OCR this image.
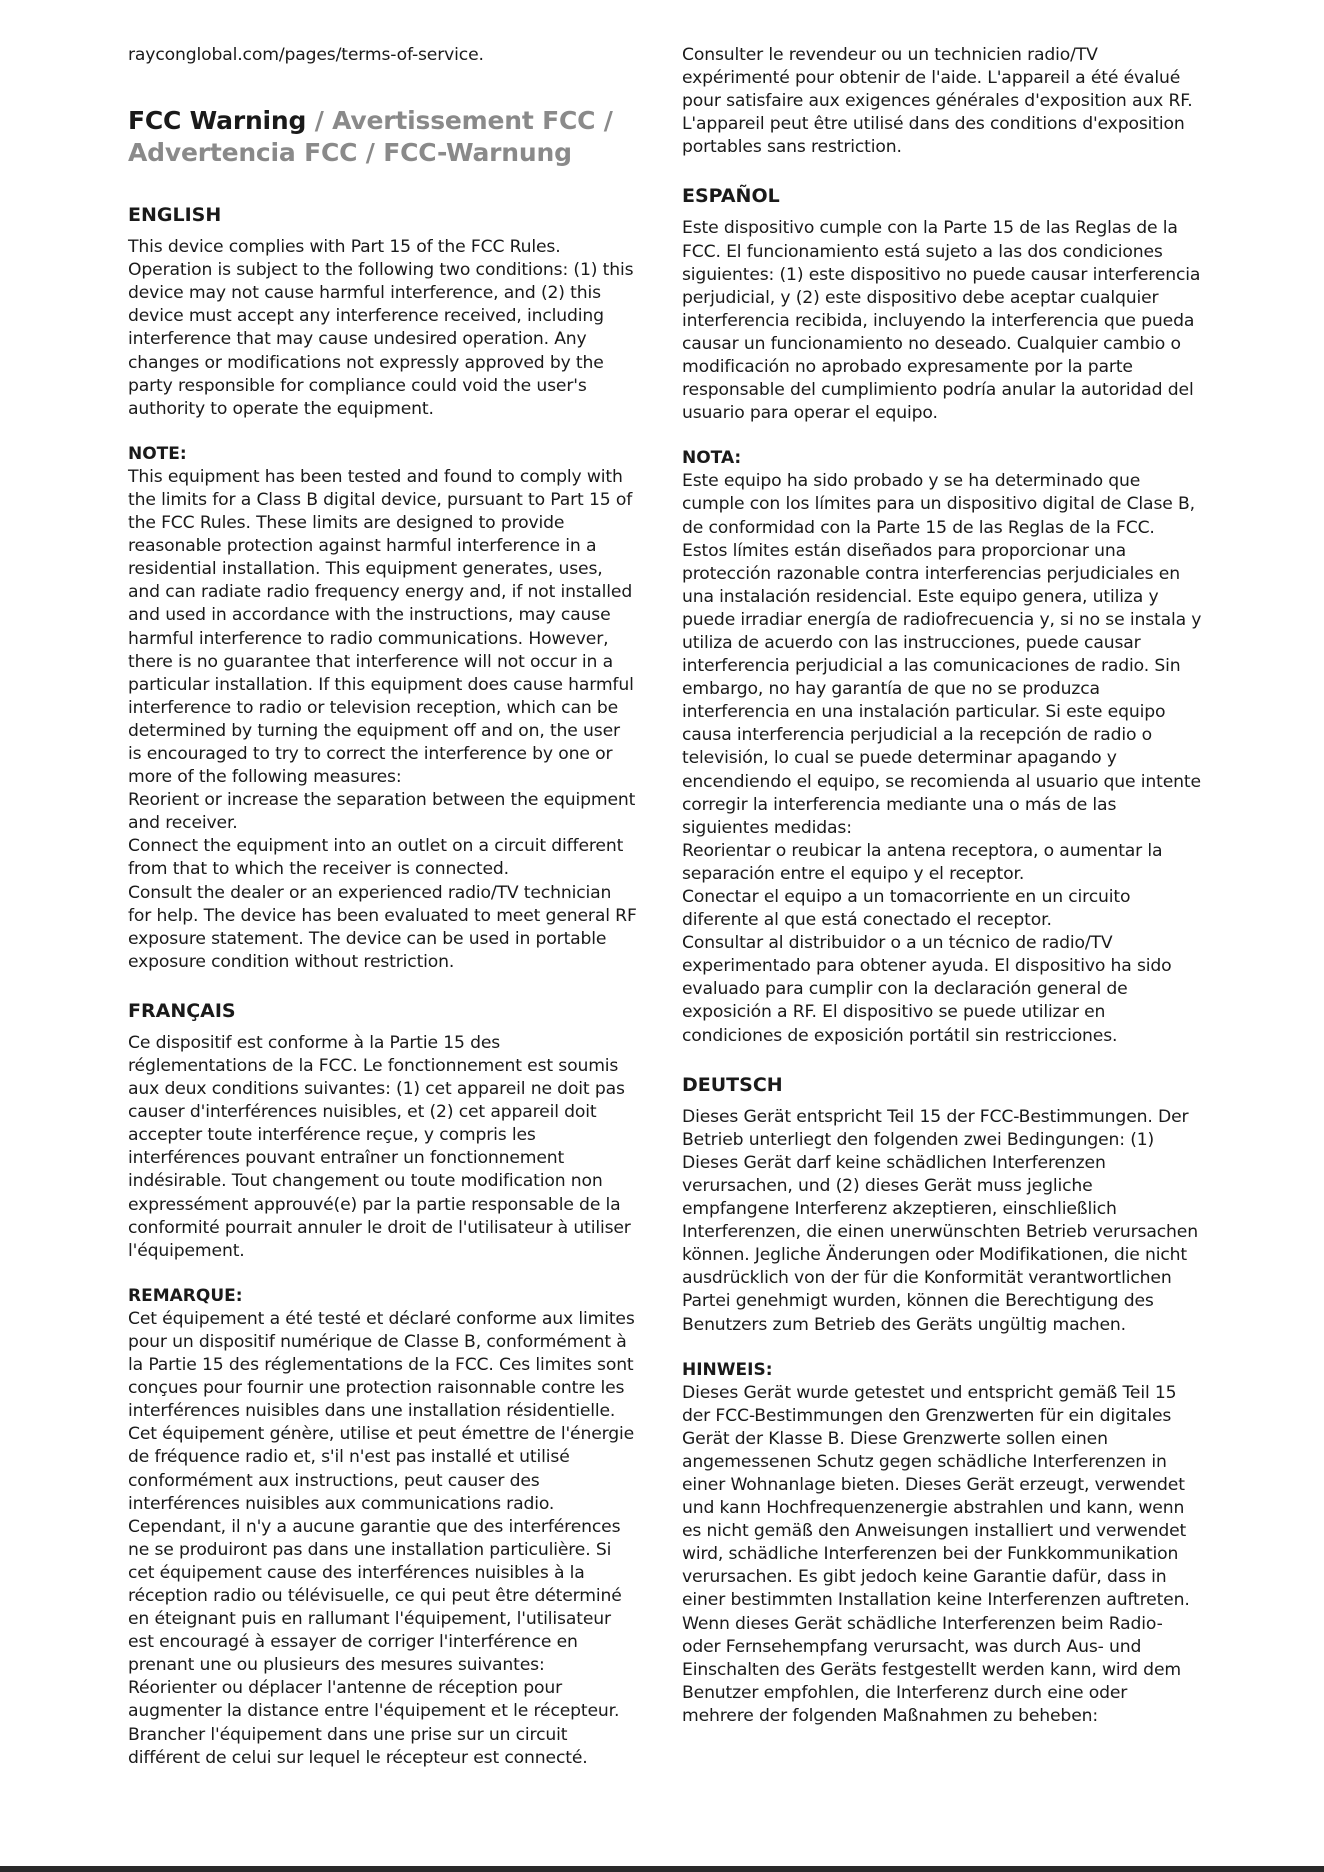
rayconglobal.com/pages/terms-of-service.

FCC Warning / Avertissement FCC / Advertencia FCC / FCC-Warnung
ENGLISH

This device complies with Part 15 of the FCC Rules. Operation is subject to the following two conditions: (1) this device may not cause harmful interference, and (2) this device must accept any interference received, including interference that may cause undesired operation. Any changes or modifications not expressly approved by the party responsible for compliance could void the user's authority to operate the equipment.

NOTE:

This equipment has been tested and found to comply with the limits for a Class B digital device, pursuant to Part 15 of the FCC Rules. These limits are designed to provide reasonable protection against harmful interference in a residential installation. This equipment generates, uses, and can radiate radio frequency energy and, if not installed and used in accordance with the instructions, may cause harmful interference to radio communications. However, there is no guarantee that interference will not occur in a particular installation. If this equipment does cause harmful interference to radio or television reception, which can be determined by turning the equipment off and on, the user is encouraged to try to correct the interference by one or more of the following measures:

Reorient or increase the separation between the equipment and receiver.

Connect the equipment into an outlet on a circuit different from that to which the receiver is connected.

Consult the dealer or an experienced radio/TV technician for help. The device has been evaluated to meet general RF exposure statement. The device can be used in portable exposure condition without restriction.

FRANÇAIS

Ce dispositif est conforme à la Partie 15 des réglementations de la FCC. Le fonctionnement est soumis aux deux conditions suivantes: (1) cet appareil ne doit pas causer d'interférences nuisibles, et (2) cet appareil doit accepter toute interférence reçue, y compris les interférences pouvant entraîner un fonctionnement indésirable. Tout changement ou toute modification non expressément approuvé(e) par la partie responsable de la conformité pourrait annuler le droit de l'utilisateur à utiliser l'équipement.

REMARQUE:

Cet équipement a été testé et déclaré conforme aux limites pour un dispositif numérique de Classe B, conformément à la Partie 15 des réglementations de la FCC. Ces limites sont conçues pour fournir une protection raisonnable contre les interférences nuisibles dans une installation résidentielle. Cet équipement génère, utilise et peut émettre de l'énergie de fréquence radio et, s'il n'est pas installé et utilisé conformément aux instructions, peut causer des interférences nuisibles aux communications radio. Cependant, il n'y a aucune garantie que des interférences ne se produiront pas dans une installation particulière. Si cet équipement cause des interférences nuisibles à la réception radio ou télévisuelle, ce qui peut être déterminé en éteignant puis en rallumant l'équipement, l'utilisateur est encouragé à essayer de corriger l'interférence en prenant une ou plusieurs des mesures suivantes:

Réorienter ou déplacer l'antenne de réception pour augmenter la distance entre l'équipement et le récepteur.

Brancher l'équipement dans une prise sur un circuit différent de celui sur lequel le récepteur est connecté.

Consulter le revendeur ou un technicien radio/TV expérimenté pour obtenir de l'aide. L'appareil a été évalué pour satisfaire aux exigences générales d'exposition aux RF. L'appareil peut être utilisé dans des conditions d'exposition portables sans restriction.

ESPAÑOL

Este dispositivo cumple con la Parte 15 de las Reglas de la FCC. El funcionamiento está sujeto a las dos condiciones siguientes: (1) este dispositivo no puede causar interferencia perjudicial, y (2) este dispositivo debe aceptar cualquier interferencia recibida, incluyendo la interferencia que pueda causar un funcionamiento no deseado. Cualquier cambio o modificación no aprobado expresamente por la parte responsable del cumplimiento podría anular la autoridad del usuario para operar el equipo.

NOTA:

Este equipo ha sido probado y se ha determinado que cumple con los límites para un dispositivo digital de Clase B, de conformidad con la Parte 15 de las Reglas de la FCC. Estos límites están diseñados para proporcionar una protección razonable contra interferencias perjudiciales en una instalación residencial. Este equipo genera, utiliza y puede irradiar energía de radiofrecuencia y, si no se instala y utiliza de acuerdo con las instrucciones, puede causar interferencia perjudicial a las comunicaciones de radio. Sin embargo, no hay garantía de que no se produzca interferencia en una instalación particular. Si este equipo causa interferencia perjudicial a la recepción de radio o televisión, lo cual se puede determinar apagando y encendiendo el equipo, se recomienda al usuario que intente corregir la interferencia mediante una o más de las siguientes medidas:

Reorientar o reubicar la antena receptora, o aumentar la separación entre el equipo y el receptor.

Conectar el equipo a un tomacorriente en un circuito diferente al que está conectado el receptor.

Consultar al distribuidor o a un técnico de radio/TV experimentado para obtener ayuda. El dispositivo ha sido evaluado para cumplir con la declaración general de exposición a RF. El dispositivo se puede utilizar en condiciones de exposición portátil sin restricciones.

DEUTSCH

Dieses Gerät entspricht Teil 15 der FCC-Bestimmungen. Der Betrieb unterliegt den folgenden zwei Bedingungen: (1) Dieses Gerät darf keine schädlichen Interferenzen verursachen, und (2) dieses Gerät muss jegliche empfangene Interferenz akzeptieren, einschließlich Interferenzen, die einen unerwünschten Betrieb verursachen können. Jegliche Änderungen oder Modifikationen, die nicht ausdrücklich von der für die Konformität verantwortlichen Partei genehmigt wurden, können die Berechtigung des Benutzers zum Betrieb des Geräts ungültig machen.

HINWEIS:

Dieses Gerät wurde getestet und entspricht gemäß Teil 15 der FCC-Bestimmungen den Grenzwerten für ein digitales Gerät der Klasse B. Diese Grenzwerte sollen einen angemessenen Schutz gegen schädliche Interferenzen in einer Wohnanlage bieten. Dieses Gerät erzeugt, verwendet und kann Hochfrequenzenergie abstrahlen und kann, wenn es nicht gemäß den Anweisungen installiert und verwendet wird, schädliche Interferenzen bei der Funkkommunikation verursachen. Es gibt jedoch keine Garantie dafür, dass in einer bestimmten Installation keine Interferenzen auftreten. Wenn dieses Gerät schädliche Interferenzen beim Radio- oder Fernsehempfang verursacht, was durch Aus- und Einschalten des Geräts festgestellt werden kann, wird dem Benutzer empfohlen, die Interferenz durch eine oder mehrere der folgenden Maßnahmen zu beheben:
